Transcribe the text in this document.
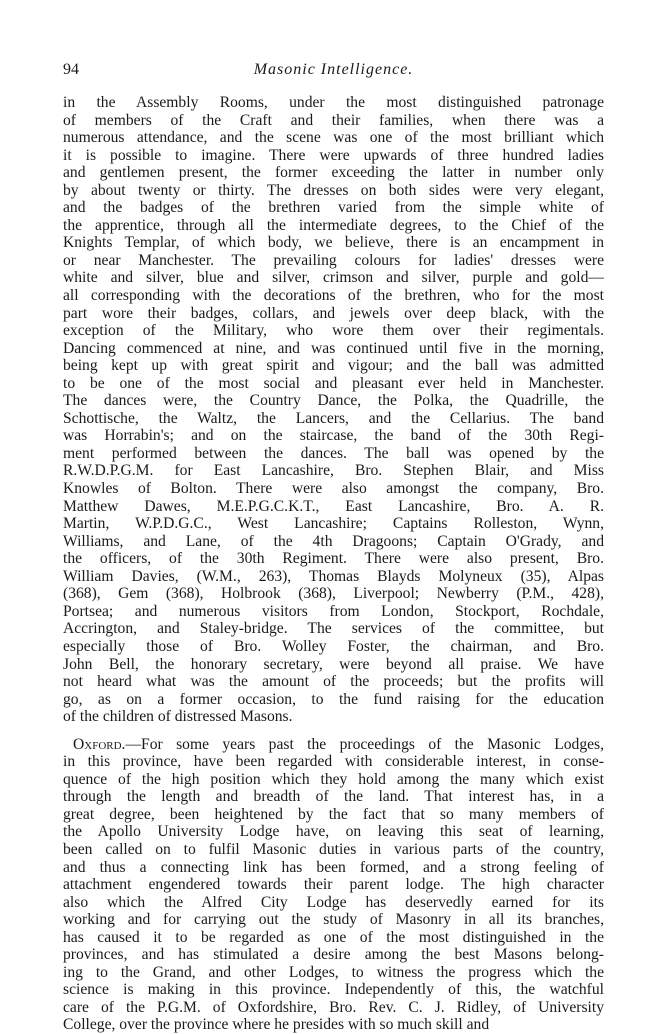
94	Masonic Intelligence.
in the Assembly Rooms, under the most distinguished patronage
of members of the Craft and their families, when there was a
numerous attendance, and the scene was one of the most brilliant which
it is possible to imagine. There were upwards of three hundred ladies
and gentlemen present, the former exceeding the latter in number only
by about twenty or thirty. The dresses on both sides were very elegant,
and the badges of the brethren varied from the simple white of
the apprentice, through all the intermediate degrees, to the Chief of the
Knights Templar, of which body, we believe, there is an encampment in
or near Manchester. The prevailing colours for ladies' dresses were
white and silver, blue and silver, crimson and silver, purple and gold—
all corresponding with the decorations of the brethren, who for the most
part wore their badges, collars, and jewels over deep black, with the
exception of the Military, who wore them over their regimentals.
Dancing commenced at nine, and was continued until five in the morning,
being kept up with great spirit and vigour; and the ball was admitted
to be one of the most social and pleasant ever held in Manchester.
The dances were, the Country Dance, the Polka, the Quadrille, the
Schottische, the Waltz, the Lancers, and the Cellarius. The band
was Horrabin's; and on the staircase, the band of the 30th Regi-
ment performed between the dances. The ball was opened by the
R.W.D.P.G.M. for East Lancashire, Bro. Stephen Blair, and Miss
Knowles of Bolton. There were also amongst the company, Bro.
Matthew Dawes, M.E.P.G.C.K.T., East Lancashire, Bro. A. R.
Martin, W.P.D.G.C., West Lancashire; Captains Rolleston, Wynn,
Williams, and Lane, of the 4th Dragoons; Captain O'Grady, and
the officers, of the 30th Regiment. There were also present, Bro.
William Davies, (W.M., 263), Thomas Blayds Molyneux (35), Alpas
(368), Gem (368), Holbrook (368), Liverpool; Newberry (P.M., 428),
Portsea; and numerous visitors from London, Stockport, Rochdale,
Accrington, and Staley-bridge. The services of the committee, but
especially those of Bro. Wolley Foster, the chairman, and Bro.
John Bell, the honorary secretary, were beyond all praise. We have
not heard what was the amount of the proceeds; but the profits will
go, as on a former occasion, to the fund raising for the education
of the children of distressed Masons.
Oxford.—For some years past the proceedings of the Masonic Lodges,
in this province, have been regarded with considerable interest, in conse-
quence of the high position which they hold among the many which exist
through the length and breadth of the land. That interest has, in a
great degree, been heightened by the fact that so many members of
the Apollo University Lodge have, on leaving this seat of learning,
been called on to fulfil Masonic duties in various parts of the country,
and thus a connecting link has been formed, and a strong feeling of
attachment engendered towards their parent lodge. The high character
also which the Alfred City Lodge has deservedly earned for its
working and for carrying out the study of Masonry in all its branches,
has caused it to be regarded as one of the most distinguished in the
provinces, and has stimulated a desire among the best Masons belong-
ing to the Grand, and other Lodges, to witness the progress which the
science is making in this province. Independently of this, the watchful
care of the P.G.M. of Oxfordshire, Bro. Rev. C. J. Ridley, of University
College, over the province where he presides with so much skill and
